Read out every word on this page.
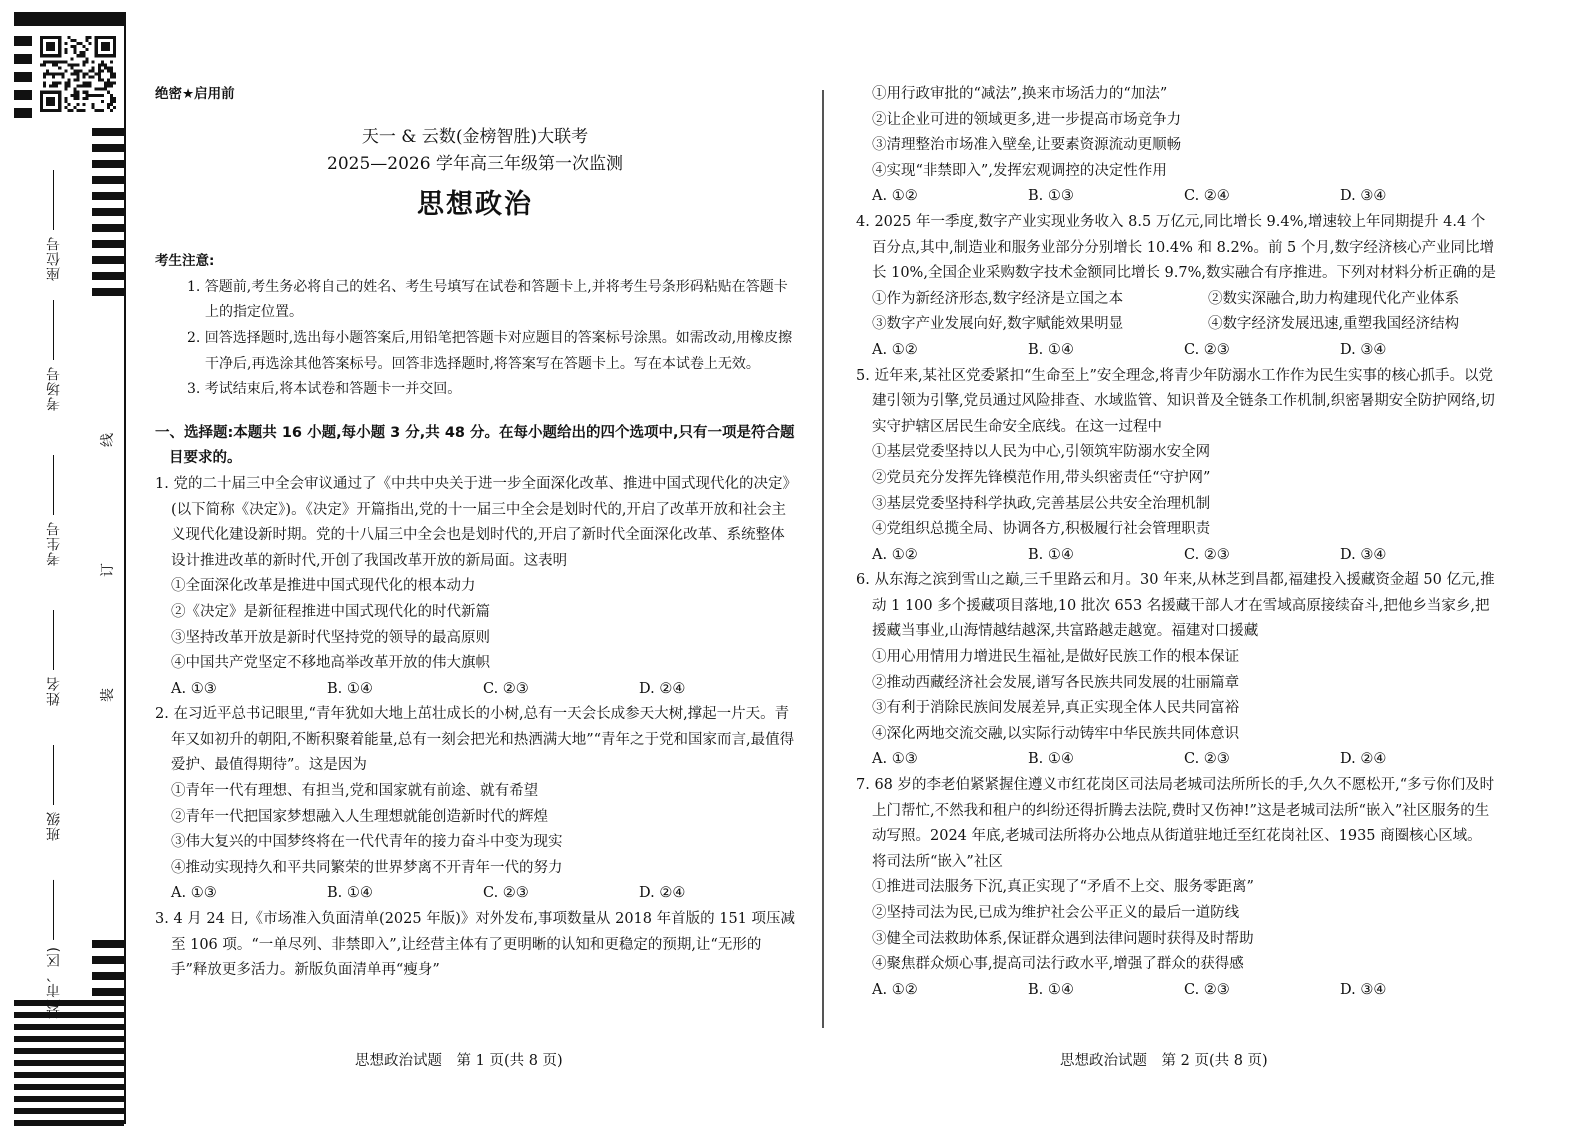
座位号
考场号
考生号
姓名
班级
县(市、区)
线
订
装
绝密★启用前
天一 & 云数(金榜智胜)大联考
2025—2026 学年高三年级第一次监测
思想政治
考生注意:
1. 答题前,考生务必将自己的姓名、考生号填写在试卷和答题卡上,并将考生号条形码粘贴在答题卡上的指定位置。
2. 回答选择题时,选出每小题答案后,用铅笔把答题卡对应题目的答案标号涂黑。如需改动,用橡皮擦干净后,再选涂其他答案标号。回答非选择题时,将答案写在答题卡上。写在本试卷上无效。
3. 考试结束后,将本试卷和答题卡一并交回。
一、选择题:本题共 16 小题,每小题 3 分,共 48 分。在每小题给出的四个选项中,只有一项是符合题目要求的。
1. 党的二十届三中全会审议通过了《中共中央关于进一步全面深化改革、推进中国式现代化的决定》(以下简称《决定》)。《决定》开篇指出,党的十一届三中全会是划时代的,开启了改革开放和社会主义现代化建设新时期。党的十八届三中全会也是划时代的,开启了新时代全面深化改革、系统整体设计推进改革的新时代,开创了我国改革开放的新局面。这表明
①全面深化改革是推进中国式现代化的根本动力
②《决定》是新征程推进中国式现代化的时代新篇
③坚持改革开放是新时代坚持党的领导的最高原则
④中国共产党坚定不移地高举改革开放的伟大旗帜
A. ①③	B. ①④	C. ②③	D. ②④
2. 在习近平总书记眼里,“青年犹如大地上茁壮成长的小树,总有一天会长成参天大树,撑起一片天。青年又如初升的朝阳,不断积聚着能量,总有一刻会把光和热洒满大地”“青年之于党和国家而言,最值得爱护、最值得期待”。这是因为
①青年一代有理想、有担当,党和国家就有前途、就有希望
②青年一代把国家梦想融入人生理想就能创造新时代的辉煌
③伟大复兴的中国梦终将在一代代青年的接力奋斗中变为现实
④推动实现持久和平共同繁荣的世界梦离不开青年一代的努力
A. ①③	B. ①④	C. ②③	D. ②④
3. 4 月 24 日,《市场准入负面清单(2025 年版)》对外发布,事项数量从 2018 年首版的 151 项压减至 106 项。“一单尽列、非禁即入”,让经营主体有了更明晰的认知和更稳定的预期,让“无形的手”释放更多活力。新版负面清单再“瘦身”
①用行政审批的“减法”,换来市场活力的“加法”
②让企业可进的领域更多,进一步提高市场竞争力
③清理整治市场准入壁垒,让要素资源流动更顺畅
④实现“非禁即入”,发挥宏观调控的决定性作用
A. ①②	B. ①③	C. ②④	D. ③④
4. 2025 年一季度,数字产业实现业务收入 8.5 万亿元,同比增长 9.4%,增速较上年同期提升 4.4 个百分点,其中,制造业和服务业部分分别增长 10.4% 和 8.2%。前 5 个月,数字经济核心产业同比增长 10%,全国企业采购数字技术金额同比增长 9.7%,数实融合有序推进。下列对材料分析正确的是
①作为新经济形态,数字经济是立国之本	②数实深融合,助力构建现代化产业体系
③数字产业发展向好,数字赋能效果明显	④数字经济发展迅速,重塑我国经济结构
A. ①②	B. ①④	C. ②③	D. ③④
5. 近年来,某社区党委紧扣“生命至上”安全理念,将青少年防溺水工作作为民生实事的核心抓手。以党建引领为引擎,党员通过风险排查、水域监管、知识普及全链条工作机制,织密暑期安全防护网络,切实守护辖区居民生命安全底线。在这一过程中
①基层党委坚持以人民为中心,引领筑牢防溺水安全网
②党员充分发挥先锋模范作用,带头织密责任“守护网”
③基层党委坚持科学执政,完善基层公共安全治理机制
④党组织总揽全局、协调各方,积极履行社会管理职责
A. ①②	B. ①④	C. ②③	D. ③④
6. 从东海之滨到雪山之巅,三千里路云和月。30 年来,从林芝到昌都,福建投入援藏资金超 50 亿元,推动 1 100 多个援藏项目落地,10 批次 653 名援藏干部人才在雪域高原接续奋斗,把他乡当家乡,把援藏当事业,山海情越结越深,共富路越走越宽。福建对口援藏
①用心用情用力增进民生福祉,是做好民族工作的根本保证
②推动西藏经济社会发展,谱写各民族共同发展的壮丽篇章
③有利于消除民族间发展差异,真正实现全体人民共同富裕
④深化两地交流交融,以实际行动铸牢中华民族共同体意识
A. ①③	B. ①④	C. ②③	D. ②④
7. 68 岁的李老伯紧紧握住遵义市红花岗区司法局老城司法所所长的手,久久不愿松开,“多亏你们及时上门帮忙,不然我和租户的纠纷还得折腾去法院,费时又伤神!”这是老城司法所“嵌入”社区服务的生动写照。2024 年底,老城司法所将办公地点从街道驻地迁至红花岗社区、1935 商圈核心区域。将司法所“嵌入”社区
①推进司法服务下沉,真正实现了“矛盾不上交、服务零距离”
②坚持司法为民,已成为维护社会公平正义的最后一道防线
③健全司法救助体系,保证群众遇到法律问题时获得及时帮助
④聚焦群众烦心事,提高司法行政水平,增强了群众的获得感
A. ①②	B. ①④	C. ②③	D. ③④
思想政治试题　第 1 页(共 8 页)	思想政治试题　第 2 页(共 8 页)
